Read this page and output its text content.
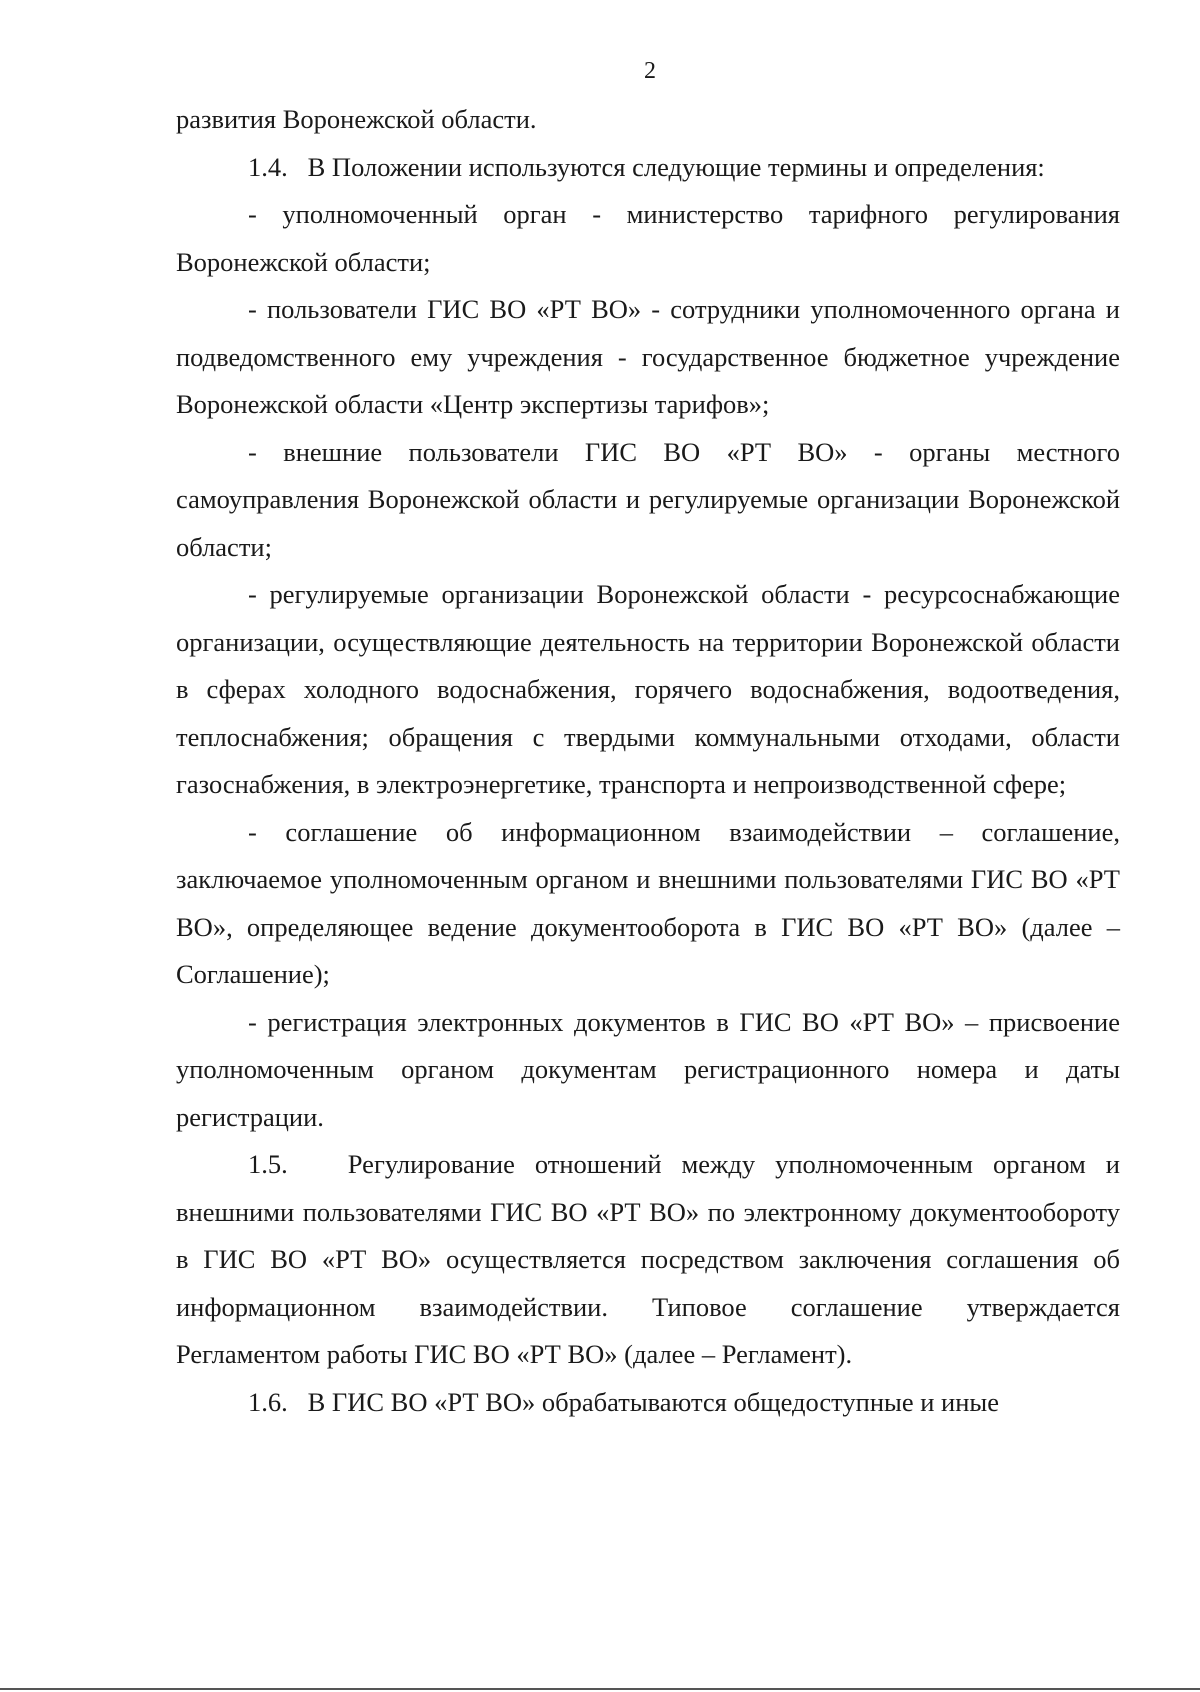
2

развития Воронежской области.

1.4.   В Положении используются следующие термины и определения:

- уполномоченный орган - министерство тарифного регулирования Воронежской области;

- пользователи ГИС ВО «РТ ВО» - сотрудники уполномоченного органа и подведомственного ему учреждения - государственное бюджетное учреждение Воронежской области «Центр экспертизы тарифов»;

- внешние пользователи ГИС ВО «РТ ВО» - органы местного самоуправления Воронежской области и регулируемые организации Воронежской области;

- регулируемые организации Воронежской области - ресурсоснабжающие организации, осуществляющие деятельность на территории Воронежской области в сферах холодного водоснабжения, горячего водоснабжения, водоотведения, теплоснабжения; обращения с твердыми коммунальными отходами, области газоснабжения, в электроэнергетике, транспорта и непроизводственной сфере;

- соглашение об информационном взаимодействии – соглашение, заключаемое уполномоченным органом и внешними пользователями ГИС ВО «РТ ВО», определяющее ведение документооборота в ГИС ВО «РТ ВО» (далее – Соглашение);

- регистрация электронных документов в ГИС ВО «РТ ВО» – присвоение уполномоченным органом документам регистрационного номера и даты регистрации.

1.5.   Регулирование отношений между уполномоченным органом и внешними пользователями ГИС ВО «РТ ВО» по электронному документообороту в ГИС ВО «РТ ВО» осуществляется посредством заключения соглашения об информационном взаимодействии. Типовое соглашение утверждается Регламентом работы ГИС ВО «РТ ВО» (далее – Регламент).

1.6.   В ГИС ВО «РТ ВО» обрабатываются общедоступные и иные
